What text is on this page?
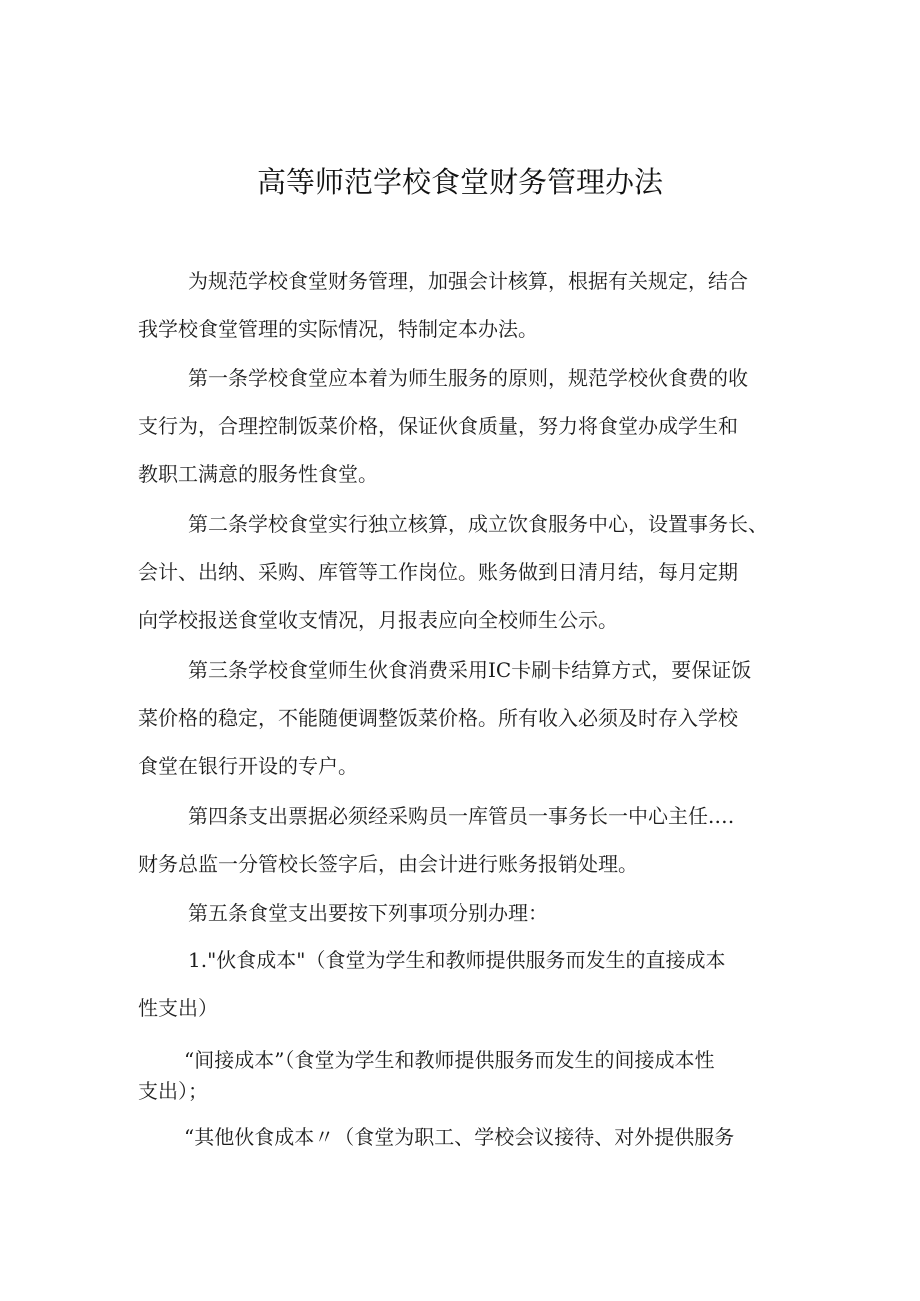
高等师范学校食堂财务管理办法
为规范学校食堂财务管理，加强会计核算，根据有关规定，结合
我学校食堂管理的实际情况，特制定本办法。
第一条学校食堂应本着为师生服务的原则，规范学校伙食费的收
支行为，合理控制饭菜价格，保证伙食质量，努力将食堂办成学生和
教职工满意的服务性食堂。
第二条学校食堂实行独立核算，成立饮食服务中心，设置事务长、
会计、出纳、采购、库管等工作岗位。账务做到日清月结，每月定期
向学校报送食堂收支情况，月报表应向全校师生公示。
第三条学校食堂师生伙食消费采用IC卡刷卡结算方式，要保证饭
菜价格的稳定，不能随便调整饭菜价格。所有收入必须及时存入学校
食堂在银行开设的专户。
第四条支出票据必须经采购员一库管员一事务长一中心主任.…
财务总监一分管校长签字后，由会计进行账务报销处理。
第五条食堂支出要按下列事项分别办理：
1."伙食成本"（食堂为学生和教师提供服务而发生的直接成本
性支出）
“间接成本”（食堂为学生和教师提供服务而发生的间接成本性
支出）；
“其他伙食成本〃（食堂为职工、学校会议接待、对外提供服务
